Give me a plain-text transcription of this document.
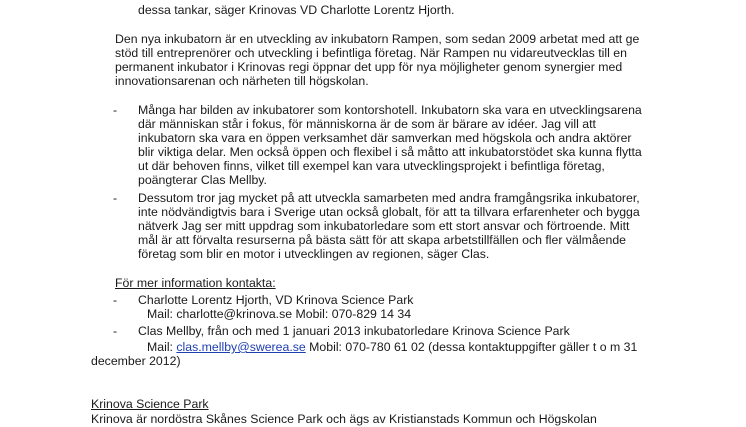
dessa tankar, säger Krinovas VD Charlotte Lorentz Hjorth.
Den nya inkubatorn är en utveckling av inkubatorn Rampen, som sedan 2009 arbetat med att ge
stöd till entreprenörer och utveckling i befintliga företag. När Rampen nu vidareutvecklas till en
permanent inkubator i Krinovas regi öppnar det upp för nya möjligheter genom synergier med
innovationsarenan och närheten till högskolan.
- Många har bilden av inkubatorer som kontorshotell. Inkubatorn ska vara en utvecklingsarena
där människan står i fokus, för människorna är de som är bärare av idéer. Jag vill att
inkubatorn ska vara en öppen verksamhet där samverkan med högskola och andra aktörer
blir viktiga delar. Men också öppen och flexibel i så måtto att inkubatorstödet ska kunna flytta
ut där behoven finns, vilket till exempel kan vara utvecklingsprojekt i befintliga företag,
poängterar Clas Mellby.
- Dessutom tror jag mycket på att utveckla samarbeten med andra framgångsrika inkubatorer,
inte nödvändigtvis bara i Sverige utan också globalt, för att ta tillvara erfarenheter och bygga
nätverk Jag ser mitt uppdrag som inkubatorledare som ett stort ansvar och förtroende. Mitt
mål är att förvalta resurserna på bästa sätt för att skapa arbetstillfällen och fler välmående
företag som blir en motor i utvecklingen av regionen, säger Clas.
För mer information kontakta:
- Charlotte Lorentz Hjorth, VD Krinova Science Park
Mail: charlotte@krinova.se Mobil: 070-829 14 34
- Clas Mellby, från och med 1 januari 2013 inkubatorledare Krinova Science Park
Mail: clas.mellby@swerea.se Mobil: 070-780 61 02 (dessa kontaktuppgifter gäller t o m 31
december 2012)
Krinova Science Park
Krinova är nordöstra Skånes Science Park och ägs av Kristianstads Kommun och Högskolan
